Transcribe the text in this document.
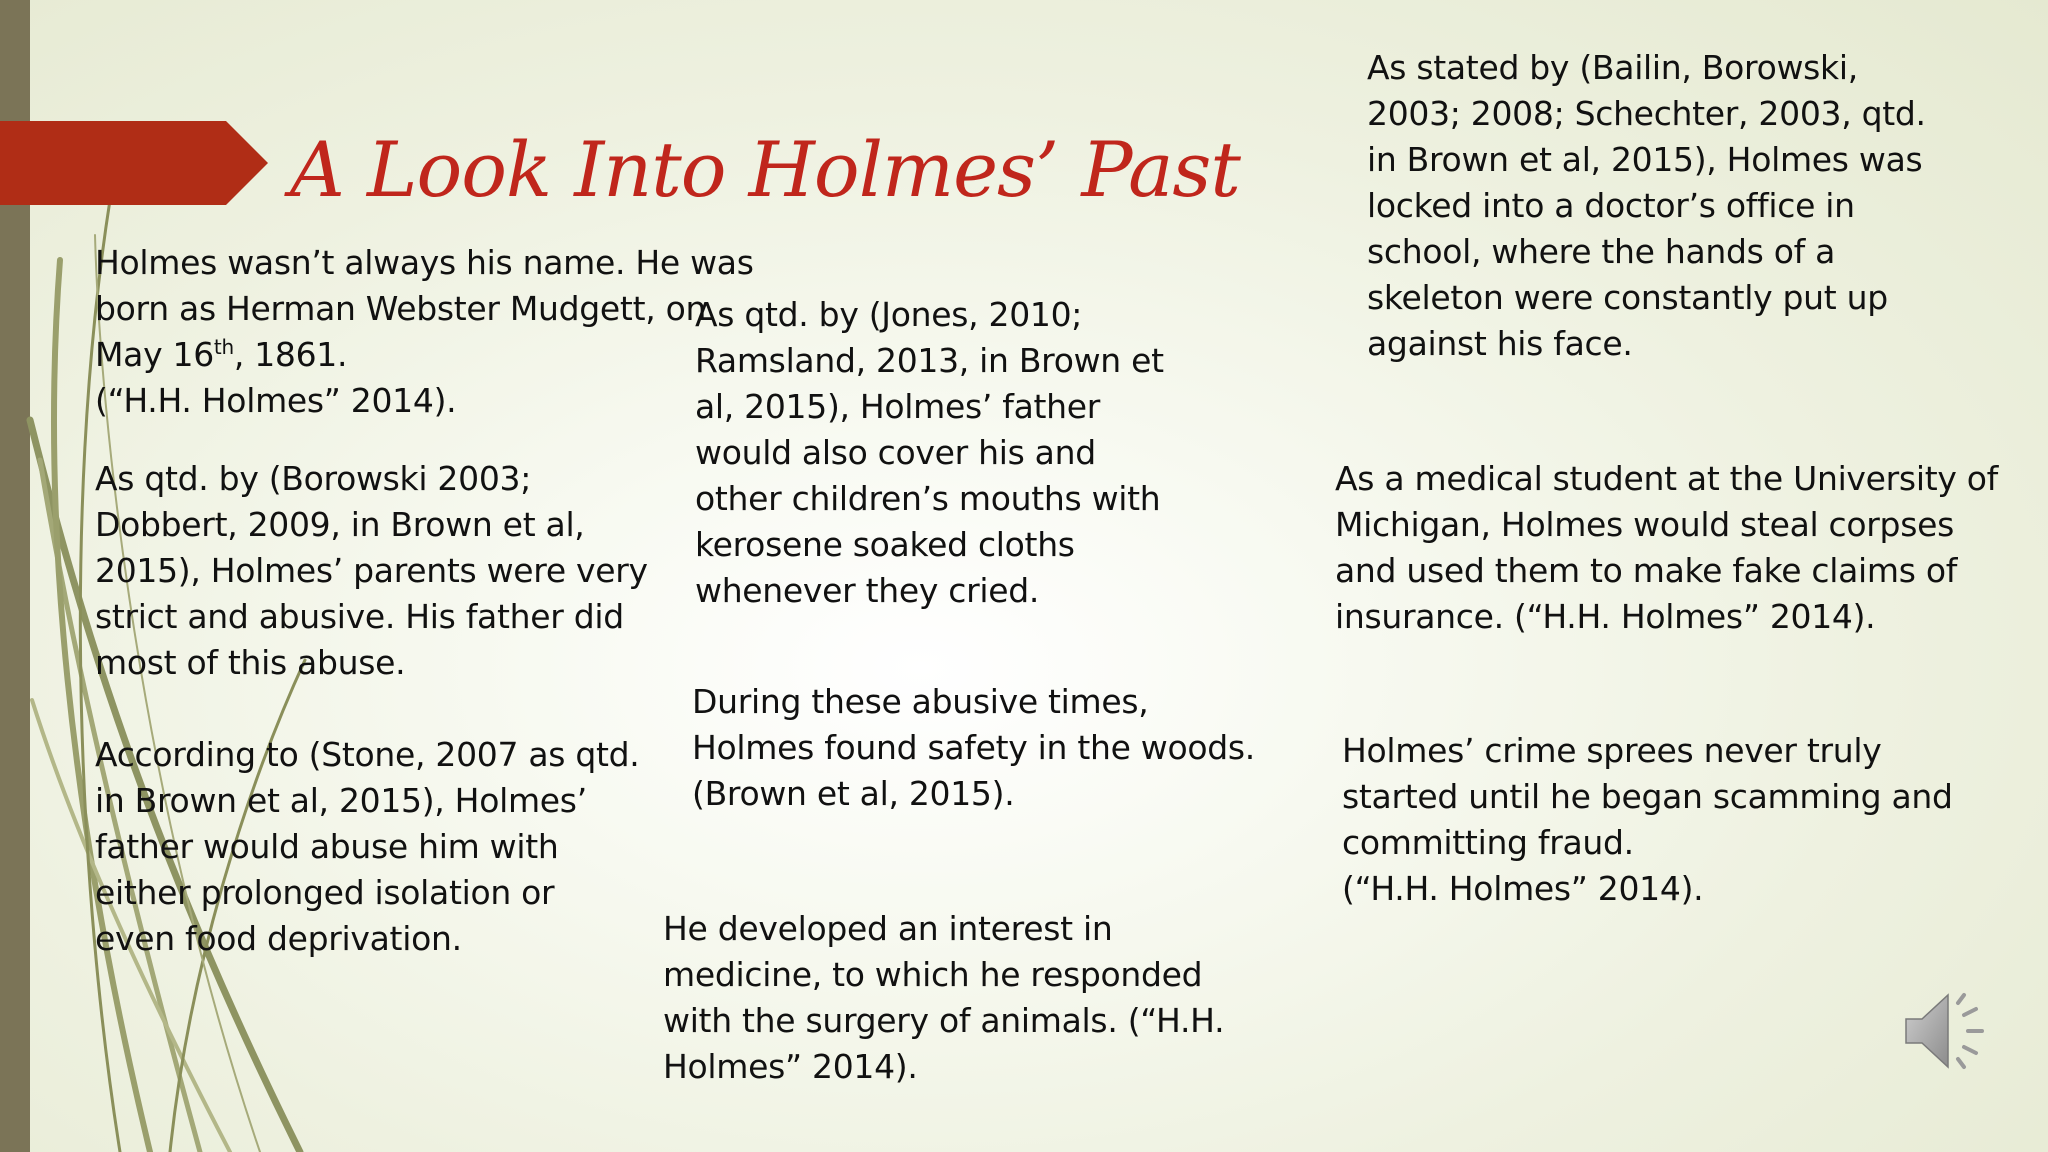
A Look Into Holmes’ Past
Holmes wasn’t always his name. He was
born as Herman Webster Mudgett, on
May 16th, 1861.
(“H.H. Holmes” 2014).
As qtd. by (Borowski 2003;
Dobbert, 2009, in Brown et al,
2015), Holmes’ parents were very
strict and abusive. His father did
most of this abuse.
According to (Stone, 2007 as qtd.
in Brown et al, 2015), Holmes’
father would abuse him with
either prolonged isolation or
even food deprivation.
As qtd. by (Jones, 2010;
Ramsland, 2013, in Brown et
al, 2015), Holmes’ father
would also cover his and
other children’s mouths with
kerosene soaked cloths
whenever they cried.
During these abusive times,
Holmes found safety in the woods.
(Brown et al, 2015).
He developed an interest in
medicine, to which he responded
with the surgery of animals. (“H.H.
Holmes” 2014).
As stated by (Bailin, Borowski,
2003; 2008; Schechter, 2003, qtd.
in Brown et al, 2015), Holmes was
locked into a doctor’s office in
school, where the hands of a
skeleton were constantly put up
against his face.
As a medical student at the University of
Michigan, Holmes would steal corpses
and used them to make fake claims of
insurance. (“H.H. Holmes” 2014).
Holmes’ crime sprees never truly
started until he began scamming and
committing fraud.
(“H.H. Holmes” 2014).
